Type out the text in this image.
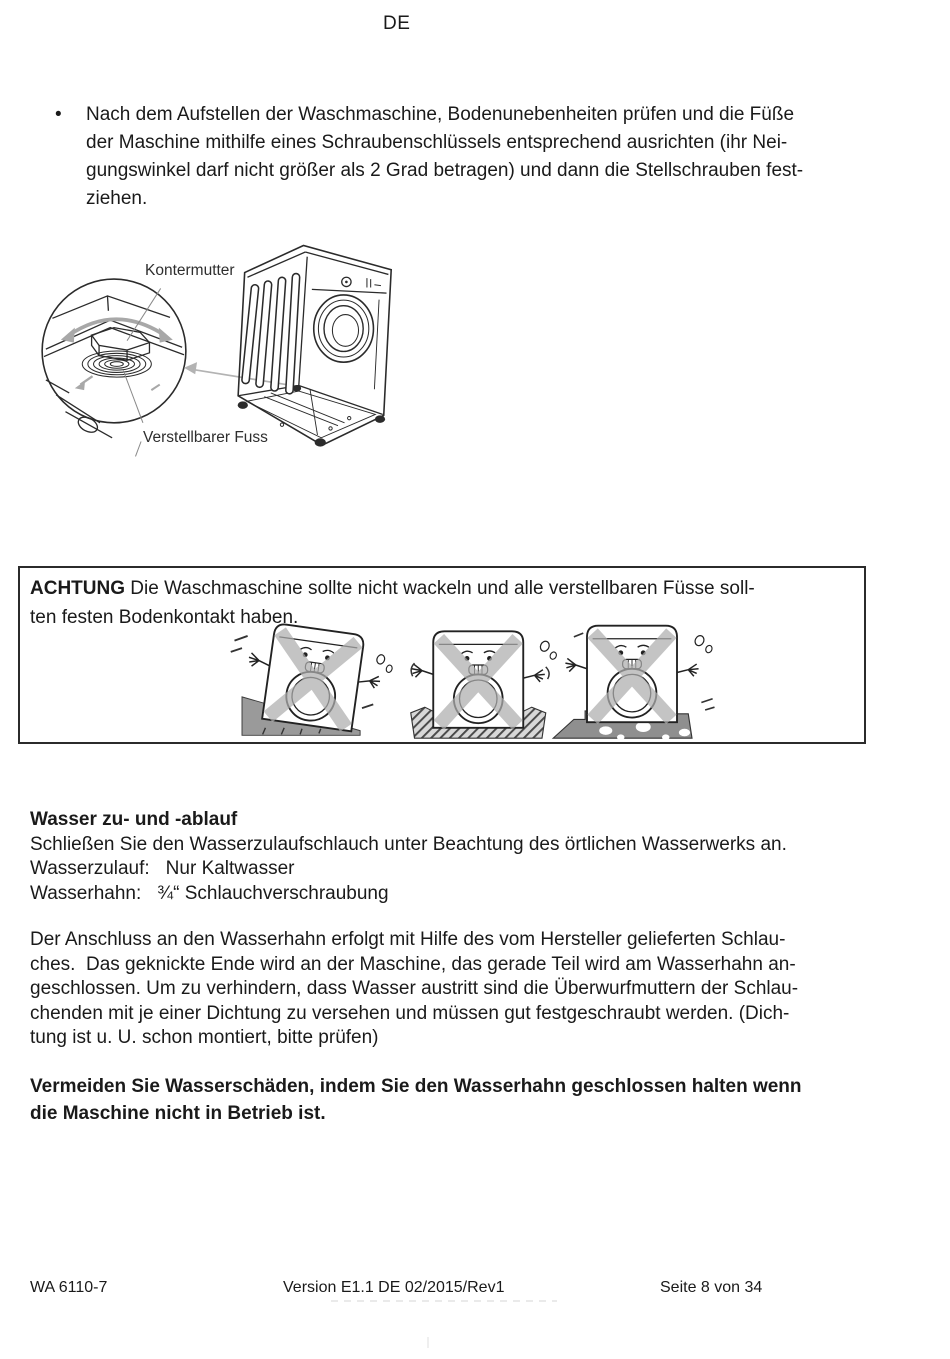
DE
• Nach dem Aufstellen der Waschmaschine, Bodenunebenheiten prüfen und die Füße
der Maschine mithilfe eines Schraubenschlüssels entsprechend ausrichten (ihr Nei-
gungswinkel darf nicht größer als 2 Grad betragen) und dann die Stellschrauben fest-
ziehen.
Kontermutter
Verstellbarer Fuss
ACHTUNG Die Waschmaschine sollte nicht wackeln und alle verstellbaren Füsse soll-
ten festen Bodenkontakt haben.
Wasser zu- und -ablauf
Schließen Sie den Wasserzulaufschlauch unter Beachtung des örtlichen Wasserwerks an.
Wasserzulauf: Nur Kaltwasser
Wasserhahn: ¾“ Schlauchverschraubung
Der Anschluss an den Wasserhahn erfolgt mit Hilfe des vom Hersteller gelieferten Schlau-
ches.  Das geknickte Ende wird an der Maschine, das gerade Teil wird am Wasserhahn an-
geschlossen. Um zu verhindern, dass Wasser austritt sind die Überwurfmuttern der Schlau-
chenden mit je einer Dichtung zu versehen und müssen gut festgeschraubt werden. (Dich-
tung ist u. U. schon montiert, bitte prüfen)
Vermeiden Sie Wasserschäden, indem Sie den Wasserhahn geschlossen halten wenn
die Maschine nicht in Betrieb ist.
WA 6110-7	Version E1.1 DE 02/2015/Rev1	Seite 8 von 34
